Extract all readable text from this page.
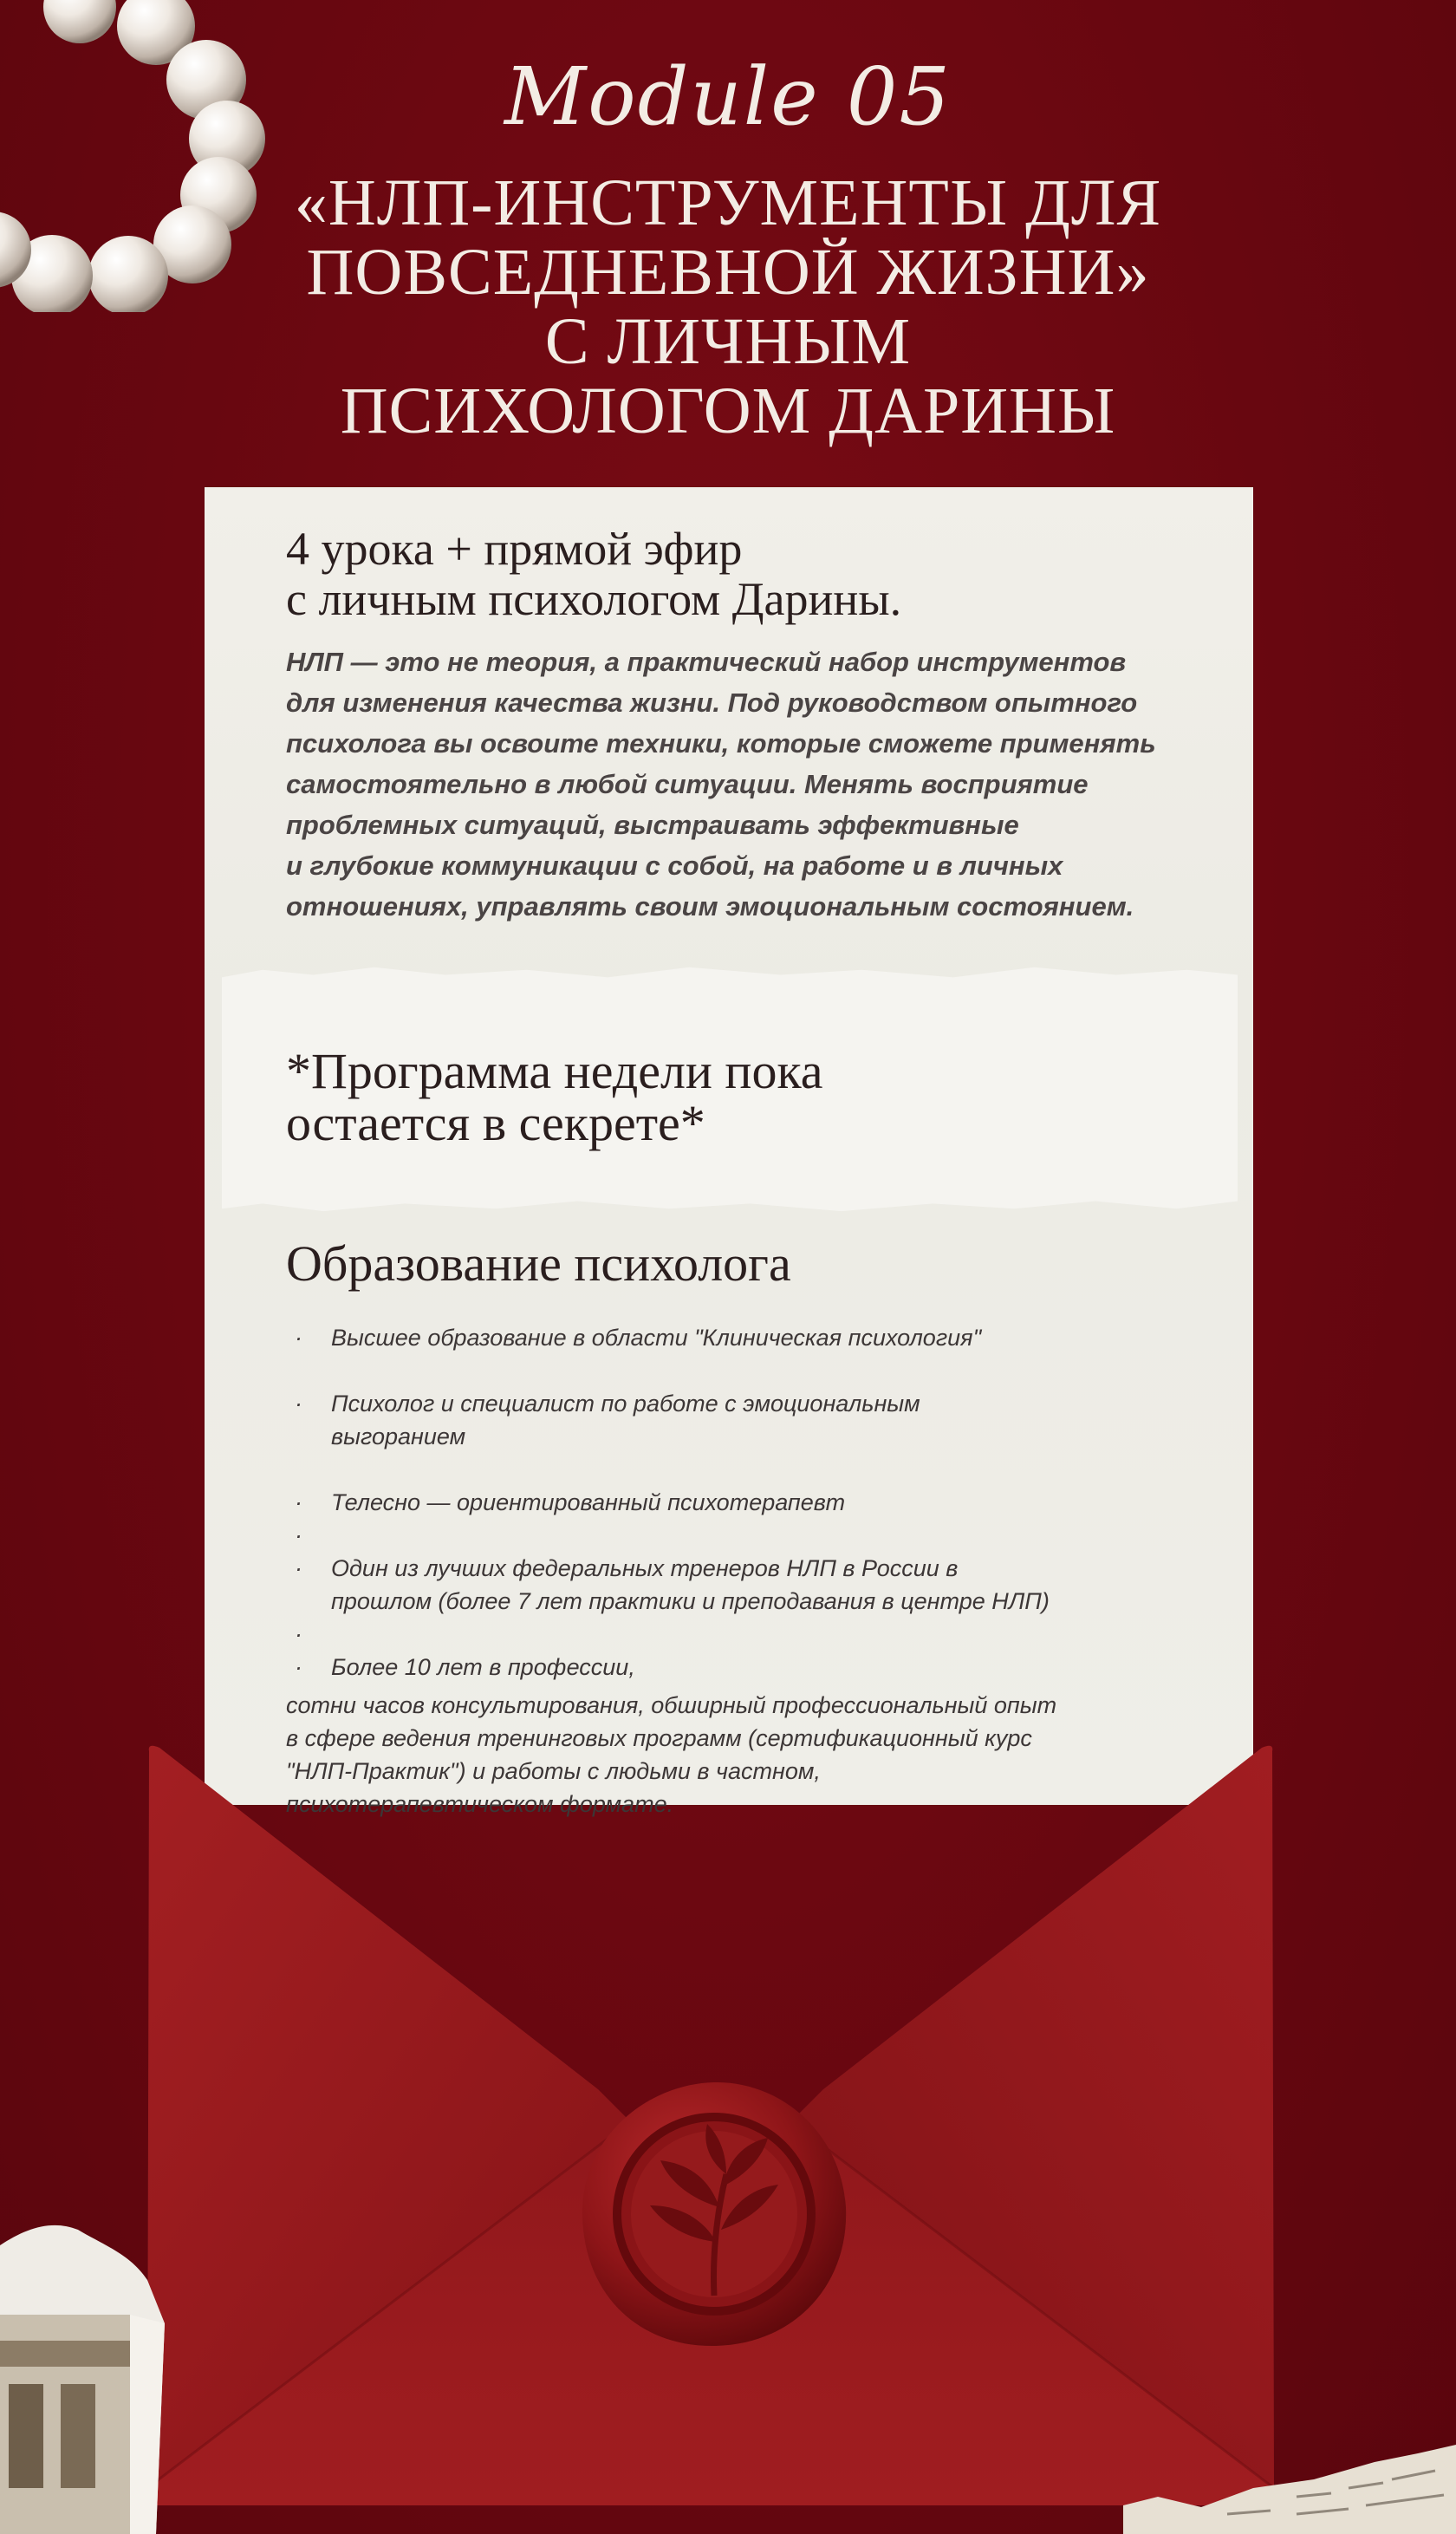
Module 05
«НЛП-ИНСТРУМЕНТЫ ДЛЯ
ПОВСЕДНЕВНОЙ ЖИЗНИ»
С ЛИЧНЫМ
ПСИХОЛОГОМ ДАРИНЫ
4 урока + прямой эфир
с личным психологом Дарины.
НЛП — это не теория, а практический набор инструментов
для изменения качества жизни. Под руководством опытного
психолога вы освоите техники, которые сможете применять
самостоятельно в любой ситуации. Менять восприятие
проблемных ситуаций, выстраивать эффективные
и глубокие коммуникации с собой, на работе и в личных
отношениях, управлять своим эмоциональным состоянием.
*Программа недели пока
остается в секрете*
Образование психолога
· Высшее образование в области "Клиническая психология"
· Психолог и специалист по работе с эмоциональным
выгоранием
· Телесно — ориентированный психотерапевт
·

· Один из лучших федеральных тренеров НЛП в России в
прошлом (более 7 лет практики и преподавания в центре НЛП)
·

· Более 10 лет в профессии,
сотни часов консультирования, обширный профессиональный опыт
в сфере ведения тренинговых программ (сертификационный курс
"НЛП-Практик") и работы с людьми в частном,
психотерапевтическом формате.
